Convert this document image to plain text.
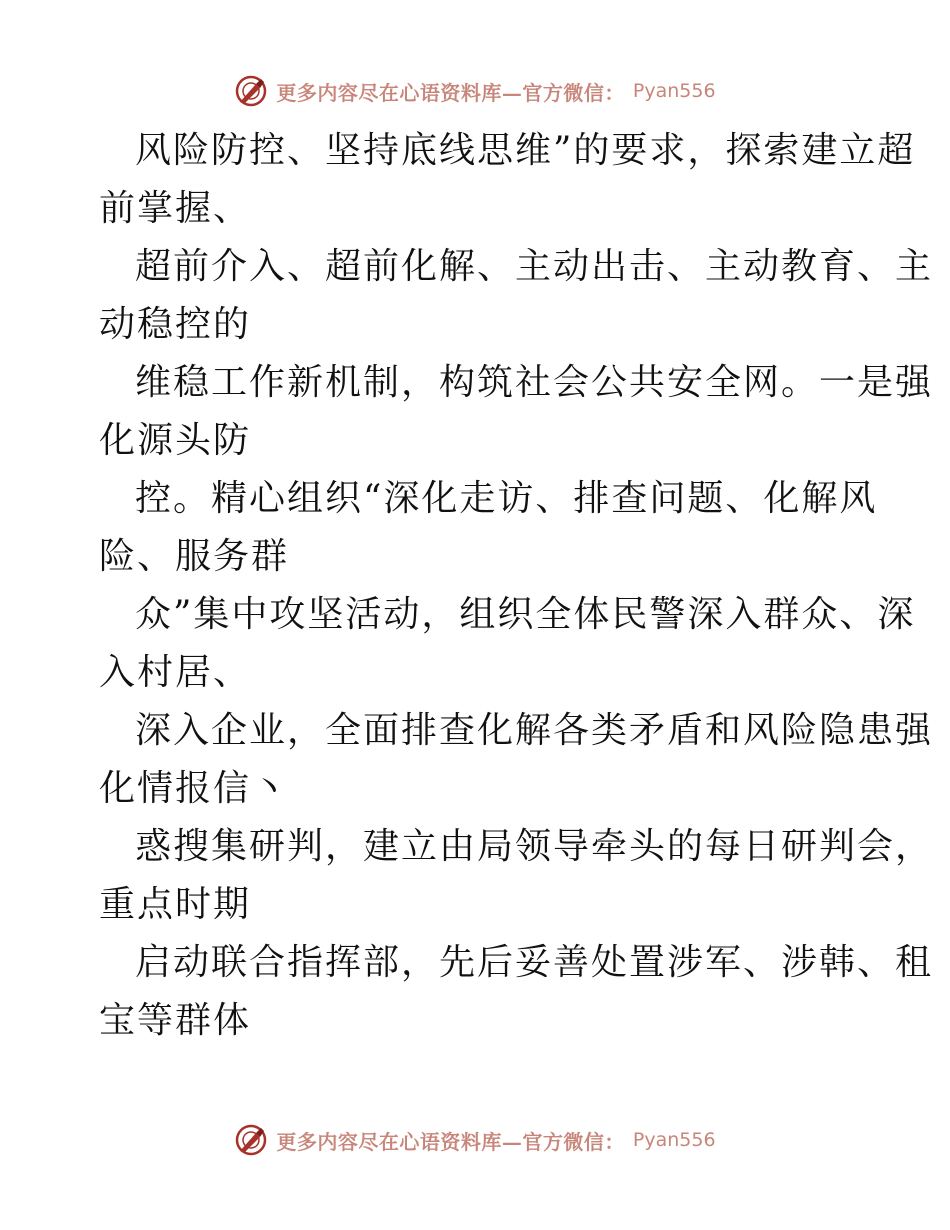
更多内容尽在心语资料库—官方微信： Pyan556
风险防控、坚持底线思维”的要求，探索建立超
前掌握、
超前介入、超前化解、主动出击、主动教育、主
动稳控的
维稳工作新机制，构筑社会公共安全网。一是强
化源头防
控。精心组织“深化走访、排查问题、化解风
险、服务群
众”集中攻坚活动，组织全体民警深入群众、深
入村居、
深入企业，全面排查化解各类矛盾和风险隐患强
化情报信丶
惑搜集研判，建立由局领导牵头的每日研判会，
重点时期
启动联合指挥部，先后妥善处置涉军、涉韩、租
宝等群体
更多内容尽在心语资料库—官方微信： Pyan556
